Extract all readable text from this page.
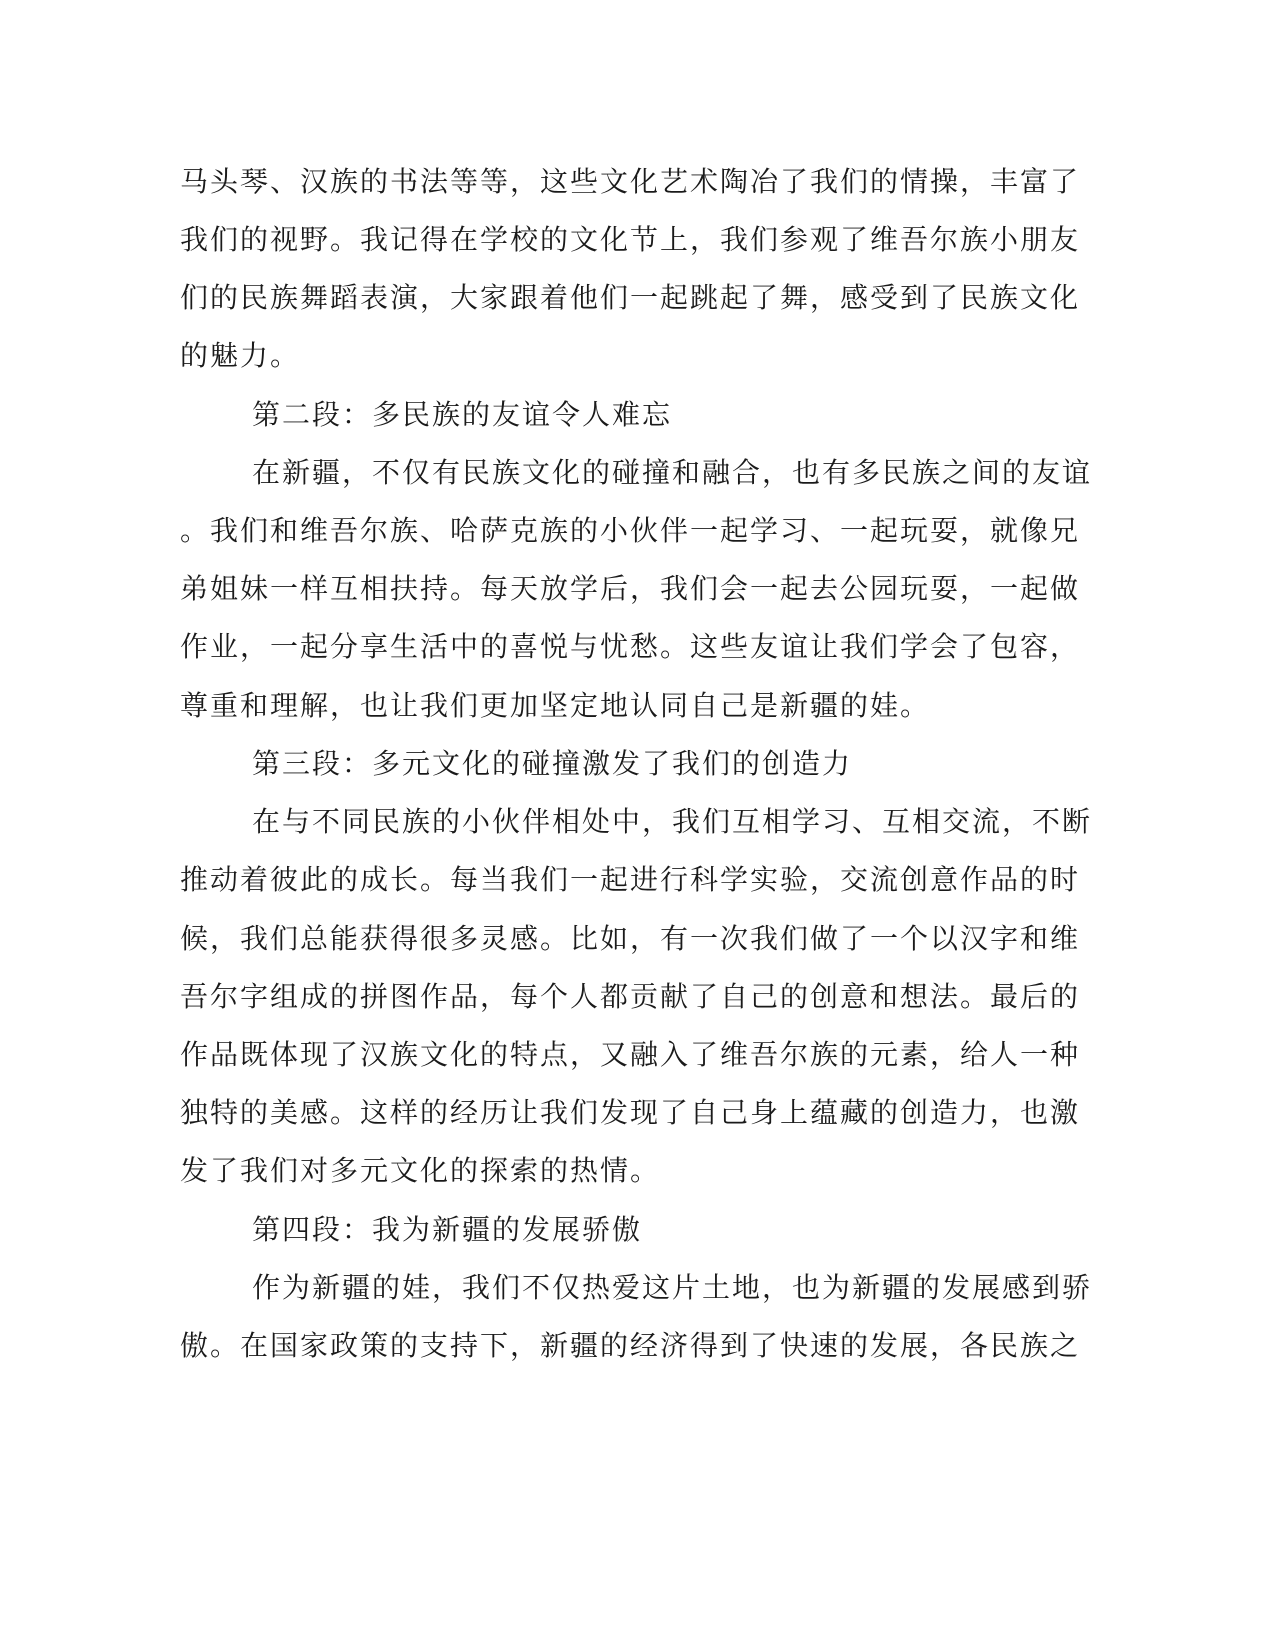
马头琴、汉族的书法等等，这些文化艺术陶冶了我们的情操，丰富了

我们的视野。我记得在学校的文化节上，我们参观了维吾尔族小朋友

们的民族舞蹈表演，大家跟着他们一起跳起了舞，感受到了民族文化

的魅力。

第二段：多民族的友谊令人难忘

在新疆，不仅有民族文化的碰撞和融合，也有多民族之间的友谊

。我们和维吾尔族、哈萨克族的小伙伴一起学习、一起玩耍，就像兄

弟姐妹一样互相扶持。每天放学后，我们会一起去公园玩耍，一起做

作业，一起分享生活中的喜悦与忧愁。这些友谊让我们学会了包容，

尊重和理解，也让我们更加坚定地认同自己是新疆的娃。

第三段：多元文化的碰撞激发了我们的创造力

在与不同民族的小伙伴相处中，我们互相学习、互相交流，不断

推动着彼此的成长。每当我们一起进行科学实验，交流创意作品的时

候，我们总能获得很多灵感。比如，有一次我们做了一个以汉字和维

吾尔字组成的拼图作品，每个人都贡献了自己的创意和想法。最后的

作品既体现了汉族文化的特点，又融入了维吾尔族的元素，给人一种

独特的美感。这样的经历让我们发现了自己身上蕴藏的创造力，也激

发了我们对多元文化的探索的热情。

第四段：我为新疆的发展骄傲

作为新疆的娃，我们不仅热爱这片土地，也为新疆的发展感到骄

傲。在国家政策的支持下，新疆的经济得到了快速的发展，各民族之
